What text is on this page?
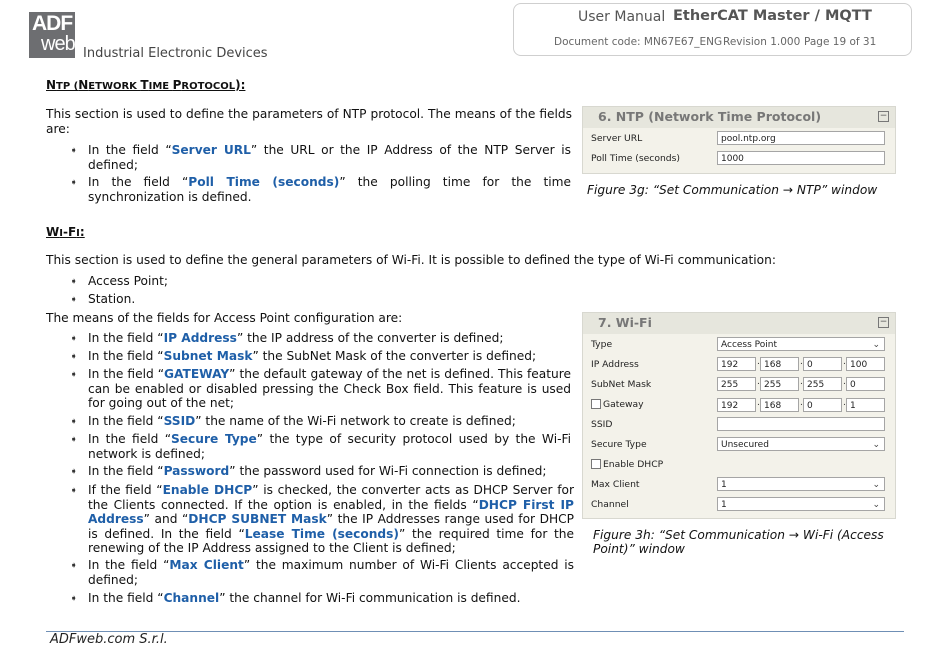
ADF
web Industrial Electronic Devices
User Manual EtherCAT Master / MQTT
Document code: MN67E67_ENG Revision 1.000 Page 19 of 31
NTP (NETWORK TIME PROTOCOL):
This section is used to define the parameters of NTP protocol. The means of the fields are:
➧ In the field “Server URL” the URL or the IP Address of the NTP Server is defined;
➧ In the field “Poll Time (seconds)” the polling time for the time synchronization is defined.
6. NTP (Network Time Protocol)	−
Server URL	pool.ntp.org
Poll Time (seconds)	1000
Figure 3g: “Set Communication → NTP” window
WI-FI:
This section is used to define the general parameters of Wi-Fi. It is possible to defined the type of Wi-Fi communication:
➧ Access Point;
➧ Station.
The means of the fields for Access Point configuration are:
➧ In the field “IP Address” the IP address of the converter is defined;
➧ In the field “Subnet Mask” the SubNet Mask of the converter is defined;
➧ In the field “GATEWAY” the default gateway of the net is defined. This feature can be enabled or disabled pressing the Check Box field. This feature is used for going out of the net;
➧ In the field “SSID” the name of the Wi-Fi network to create is defined;
➧ In the field “Secure Type” the type of security protocol used by the Wi-Fi network is defined;
➧ In the field “Password” the password used for Wi-Fi connection is defined;
➧ If the field “Enable DHCP” is checked, the converter acts as DHCP Server for the Clients connected. If the option is enabled, in the fields “DHCP First IP Address” and “DHCP SUBNET Mask” the IP Addresses range used for DHCP is defined. In the field “Lease Time (seconds)” the required time for the renewing of the IP Address assigned to the Client is defined;
➧ In the field “Max Client” the maximum number of Wi-Fi Clients accepted is defined;
➧ In the field “Channel” the channel for Wi-Fi communication is defined.
7. Wi-Fi	−
Type	Access Point	⌄
IP Address	192	. 168	. 0	. 100
SubNet Mask	255	. 255	. 255	. 0
Gateway	192	. 168	. 0	. 1
SSID
Secure Type	Unsecured	⌄
Enable DHCP
Max Client	1	⌄
Channel	1	⌄
Figure 3h: “Set Communication → Wi-Fi (Access
Point)” window
ADFweb.com S.r.l.
